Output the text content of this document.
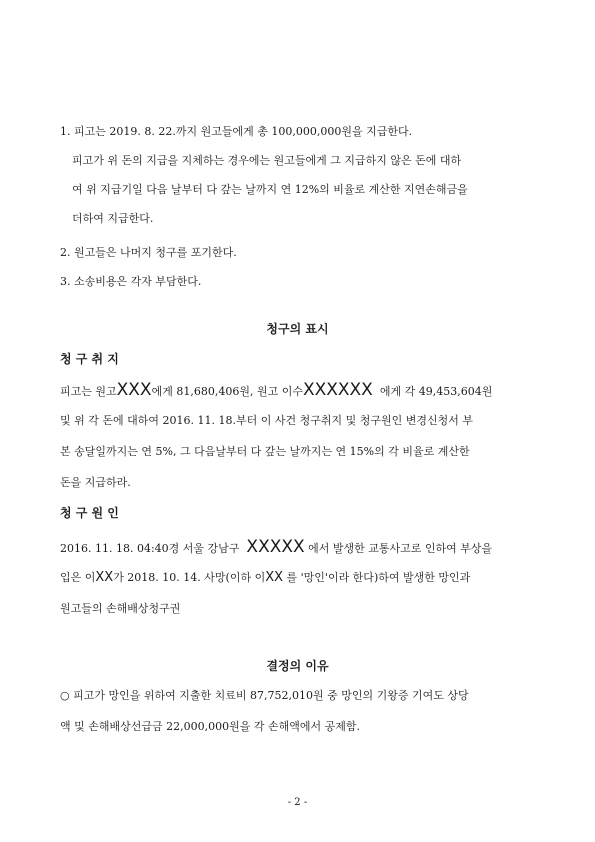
1. 피고는 2019. 8. 22.까지 원고들에게 총 100,000,000원을 지급한다.
피고가 위 돈의 지급을 지체하는 경우에는 원고들에게 그 지급하지 않은 돈에 대하
여 위 지급기일 다음 날부터 다 갚는 날까지 연 12%의 비율로 계산한 지연손해금을
더하여 지급한다.
2. 원고들은 나머지 청구를 포기한다.
3. 소송비용은 각자 부담한다.
청구의 표시
청 구 취 지
피고는 원고XXX에게 81,680,406원, 원고 이수XXXXXX 에게 각 49,453,604원
및 위 각 돈에 대하여 2016. 11. 18.부터 이 사건 청구취지 및 청구원인 변경신청서 부
본 송달일까지는 연 5%, 그 다음날부터 다 갚는 날까지는 연 15%의 각 비율로 계산한
돈을 지급하라.
청 구 원 인
2016. 11. 18. 04:40경 서울 강남구 XXXXX 에서 발생한 교통사고로 인하여 부상을
입은 이XX가 2018. 10. 14. 사망(이하 이XX 를 '망인'이라 한다)하여 발생한 망인과
원고들의 손해배상청구권
결정의 이유
○ 피고가 망인을 위하여 지출한 치료비 87,752,010원 중 망인의 기왕증 기여도 상당
액 및 손해배상선급금 22,000,000원을 각 손해액에서 공제함.
- 2 -
